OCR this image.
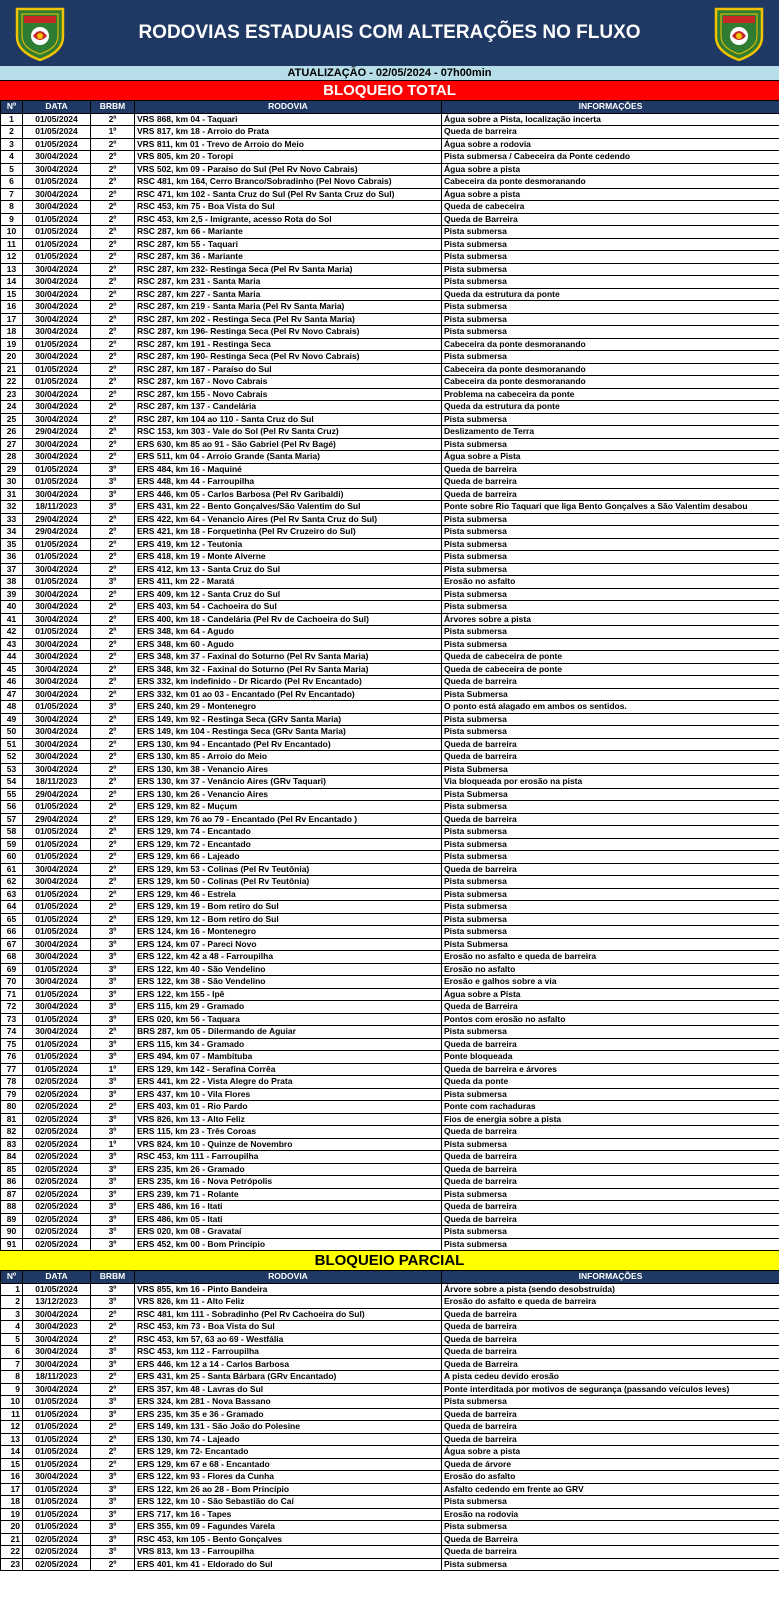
RODOVIAS ESTADUAIS COM ALTERAÇÕES NO FLUXO
ATUALIZAÇÃO - 02/05/2024 - 07h00min
BLOQUEIO TOTAL
Nº	DATA	BRBM	RODOVIA	INFORMAÇÕES
1	01/05/2024	2º	VRS 868, km 04 - Taquari	Água sobre a Pista, localização incerta
2	01/05/2024	1º	VRS 817, km 18 - Arroio do Prata	Queda de barreira
3	01/05/2024	2º	VRS 811, km 01 - Trevo de Arroio do Meio	Água sobre a rodovia
4	30/04/2024	2º	VRS 805, km 20 - Toropi	Pista submersa / Cabeceira da Ponte cedendo
5	30/04/2024	2º	VRS 502, km 09 - Paraíso do Sul (Pel Rv Novo Cabrais)	Água sobre a pista
6	01/05/2024	2º	RSC 481, km 164, Cerro Branco/Sobradinho (Pel Novo Cabrais)	Cabeceira da ponte desmoranando
7	30/04/2024	2º	RSC 471, km 102 - Santa Cruz do Sul (Pel Rv Santa Cruz do Sul)	Água sobre a pista
8	30/04/2024	2º	RSC 453, km 75 - Boa Vista do Sul	Queda de cabeceira
9	01/05/2024	2º	RSC 453, km 2,5 - Imigrante, acesso Rota do Sol	Queda de Barreira
10	01/05/2024	2º	RSC 287, km 66 - Mariante	Pista submersa
11	01/05/2024	2º	RSC 287, km 55 - Taquari	Pista submersa
12	01/05/2024	2º	RSC 287, km 36 - Mariante	Pista submersa
13	30/04/2024	2º	RSC 287, km 232- Restinga Seca (Pel Rv Santa Maria)	Pista submersa
14	30/04/2024	2º	RSC 287, km 231 - Santa Maria	Pista submersa
15	30/04/2024	2º	RSC 287, km 227 - Santa Maria	Queda da estrutura da ponte
16	30/04/2024	2º	RSC 287, km 219 - Santa Maria (Pel Rv Santa Maria)	Pista submersa
17	30/04/2024	2º	RSC 287, km 202 - Restinga Seca (Pel Rv Santa Maria)	Pista submersa
18	30/04/2024	2º	RSC 287, km 196- Restinga Seca (Pel Rv Novo Cabrais)	Pista submersa
19	01/05/2024	2º	RSC 287, km 191 - Restinga Seca	Cabeceira da ponte desmoranando
20	30/04/2024	2º	RSC 287, km 190- Restinga Seca (Pel Rv Novo Cabrais)	Pista submersa
21	01/05/2024	2º	RSC 287, km 187 - Paraíso do Sul	Cabeceira da ponte desmoranando
22	01/05/2024	2º	RSC 287, km 167 - Novo Cabrais	Cabeceira da ponte desmoranando
23	30/04/2024	2º	RSC 287, km 155 - Novo Cabrais	Problema na cabeceira da ponte
24	30/04/2024	2º	RSC 287, km 137 - Candelária	Queda da estrutura da ponte
25	30/04/2024	2º	RSC 287, km 104 ao 110 - Santa Cruz do Sul	Pista submersa
26	29/04/2024	2º	RSC 153, km 303 - Vale do Sol (Pel Rv Santa Cruz)	Deslizamento de Terra
27	30/04/2024	2º	ERS 630, km 85 ao 91 - São Gabriel (Pel Rv Bagé)	Pista submersa
28	30/04/2024	2º	ERS 511, km 04 - Arroio Grande (Santa Maria)	Água sobre a Pista
29	01/05/2024	3º	ERS 484, km 16 - Maquiné	Queda de barreira
30	01/05/2024	3º	ERS 448, km 44 - Farroupilha	Queda de barreira
31	30/04/2024	3º	ERS 446, km 05 - Carlos Barbosa (Pel Rv Garibaldi)	Queda de barreira
32	18/11/2023	3º	ERS 431, km 22 - Bento Gonçalves/São Valentim do Sul	Ponte sobre Rio Taquari que liga Bento Gonçalves a São Valentim desabou
33	29/04/2024	2º	ERS 422, km 64 - Venancio Aires (Pel Rv Santa Cruz do Sul)	Pista submersa
34	29/04/2024	2º	ERS 421, km 18 - Forquetinha (Pel Rv Cruzeiro do Sul)	Pista submersa
35	01/05/2024	2º	ERS 419, km 12 - Teutonia	Pista submersa
36	01/05/2024	2º	ERS 418, km 19 - Monte Alverne	Pista submersa
37	30/04/2024	2º	ERS 412, km 13 - Santa Cruz do Sul	Pista submersa
38	01/05/2024	3º	ERS 411, km 22 - Maratá	Erosão no asfalto
39	30/04/2024	2º	ERS 409, km 12 - Santa Cruz do Sul	Pista submersa
40	30/04/2024	2º	ERS 403, km 54 - Cachoeira do Sul	Pista submersa
41	30/04/2024	2º	ERS 400, km 18 - Candelária (Pel Rv de Cachoeira do Sul)	Árvores sobre a pista
42	01/05/2024	2º	ERS 348, km 64 - Agudo	Pista submersa
43	30/04/2024	2º	ERS 348, km 60 - Agudo	Pista submersa
44	30/04/2024	2º	ERS 348, km 37 - Faxinal do Soturno (Pel Rv Santa Maria)	Queda de cabeceira de ponte
45	30/04/2024	2º	ERS 348, km 32 - Faxinal do Soturno (Pel Rv Santa Maria)	Queda de cabeceira de ponte
46	30/04/2024	2º	ERS 332, km indefinido - Dr Ricardo (Pel Rv Encantado)	Queda de barreira
47	30/04/2024	2º	ERS 332, km 01 ao 03 - Encantado (Pel Rv Encantado)	Pista Submersa
48	01/05/2024	3º	ERS 240, km 29 - Montenegro	O ponto está alagado em ambos os sentidos.
49	30/04/2024	2º	ERS 149, km 92 - Restinga Seca (GRv Santa Maria)	Pista submersa
50	30/04/2024	2º	ERS 149, km 104 - Restinga Seca (GRv Santa Maria)	Pista submersa
51	30/04/2024	2º	ERS 130, km 94 - Encantado (Pel Rv Encantado)	Queda de barreira
52	30/04/2024	2º	ERS 130, km 85 - Arroio do Meio	Queda de barreira
53	30/04/2024	2º	ERS 130, km 38 - Venancio Aires	Pista Submersa
54	18/11/2023	2º	ERS 130, km 37 - Venâncio Aires (GRv Taquari)	Via bloqueada por erosão na pista
55	29/04/2024	2º	ERS 130, km 26 - Venancio Aires	Pista Submersa
56	01/05/2024	2º	ERS 129, km 82 - Muçum	Pista submersa
57	29/04/2024	2º	ERS 129, km 76 ao 79 - Encantado (Pel Rv Encantado )	Queda de barreira
58	01/05/2024	2º	ERS 129, km 74 - Encantado	Pista submersa
59	01/05/2024	2º	ERS 129, km 72 - Encantado	Pista submersa
60	01/05/2024	2º	ERS 129, km 66 - Lajeado	Pista submersa
61	30/04/2024	2º	ERS 129, km 53 - Colinas (Pel Rv Teutônia)	Queda de barreira
62	30/04/2024	2º	ERS 129, km 50 - Colinas (Pel Rv Teutônia)	Pista submersa
63	01/05/2024	2º	ERS 129, km 46 - Estrela	Pista submersa
64	01/05/2024	2º	ERS 129, km 19 - Bom retiro do Sul	Pista submersa
65	01/05/2024	2º	ERS 129, km 12 - Bom retiro do Sul	Pista submersa
66	01/05/2024	3º	ERS 124, km 16 - Montenegro	Pista submersa
67	30/04/2024	3º	ERS 124, km 07 - Pareci Novo	Pista Submersa
68	30/04/2024	3º	ERS 122, km 42 a 48 - Farroupilha	Erosão no asfalto e queda de barreira
69	01/05/2024	3º	ERS 122, km 40 - São Vendelino	Erosão no asfalto
70	30/04/2024	3º	ERS 122, km 38 - São Vendelino	Erosão e galhos sobre a via
71	01/05/2024	3º	ERS 122, km 155 - Ipê	Água sobre a Pista
72	30/04/2024	3º	ERS 115, km 29 - Gramado	Queda de Barreira
73	01/05/2024	3º	ERS 020, km 56 - Taquara	Pontos com erosão no asfalto
74	30/04/2024	2º	BRS 287, km 05 - Dilermando de Aguiar	Pista submersa
75	01/05/2024	3º	ERS 115, km 34 - Gramado	Queda de barreira
76	01/05/2024	3º	ERS 494, km 07 - Mambituba	Ponte bloqueada
77	01/05/2024	1º	ERS 129, km 142 - Serafina Corrêa	Queda de barreira e árvores
78	02/05/2024	3º	ERS 441, km 22 - Vista Alegre do Prata	Queda da ponte
79	02/05/2024	3º	ERS 437, km 10 - Vila Flores	Pista submersa
80	02/05/2024	2º	ERS 403, km 01 - Rio Pardo	Ponte com rachaduras
81	02/05/2024	3º	VRS 826, km 13 - Alto Feliz	Fios de energia sobre a pista
82	02/05/2024	3º	ERS 115, km 23 - Três Coroas	Queda de barreira
83	02/05/2024	1º	VRS 824, km 10 - Quinze de Novembro	Pista submersa
84	02/05/2024	3º	RSC 453, km 111 - Farroupilha	Queda de barreira
85	02/05/2024	3º	ERS 235, km 26 - Gramado	Queda de barreira
86	02/05/2024	3º	ERS 235, km 16 - Nova Petrópolis	Queda de barreira
87	02/05/2024	3º	ERS 239, km 71 - Rolante	Pista submersa
88	02/05/2024	3º	ERS 486, km 16 - Itati	Queda de barreira
89	02/05/2024	3º	ERS 486, km 05 - Itati	Queda de barreira
90	02/05/2024	3º	ERS 020, km 08 - Gravataí	Pista submersa
91	02/05/2024	3º	ERS 452, km 00 - Bom Princípio	Pista submersa
BLOQUEIO PARCIAL
Nº	DATA	BRBM	RODOVIA	INFORMAÇÕES
1	01/05/2024	3º	VRS 855, km 16 - Pinto Bandeira	Árvore sobre a pista (sendo desobstruída)
2	13/12/2023	3º	VRS 826, km 11 - Alto Feliz	Erosão do asfalto e queda de barreira
3	30/04/2024	2º	RSC 481, km 111 - Sobradinho (Pel Rv Cachoeira do Sul)	Queda de barreira
4	30/04/2023	2º	RSC 453, km 73 - Boa Vista do Sul	Queda de barreira
5	30/04/2024	2º	RSC 453, km 57, 63 ao 69 - Westfália	Queda de barreira
6	30/04/2024	3º	RSC 453, km 112 - Farroupilha	Queda de barreira
7	30/04/2024	3º	ERS 446, km 12 a 14 - Carlos Barbosa	Queda de Barreira
8	18/11/2023	2º	ERS 431, km 25 - Santa Bárbara (GRv Encantado)	A pista cedeu devido erosão
9	30/04/2024	2º	ERS 357, km 48 - Lavras do Sul	Ponte interditada por motivos de segurança (passando veículos leves)
10	01/05/2024	3º	ERS 324, km 281 - Nova Bassano	Pista submersa
11	01/05/2024	3º	ERS 235, km 35 e 36 - Gramado	Queda de barreira
12	01/05/2024	2º	ERS 149, km 131 - São João do Polesine	Queda de barreira
13	01/05/2024	2º	ERS 130, km 74 - Lajeado	Queda de barreira
14	01/05/2024	2º	ERS 129, km 72- Encantado	Água sobre a pista
15	01/05/2024	2º	ERS 129, km 67 e 68 - Encantado	Queda de árvore
16	30/04/2024	3º	ERS 122, km 93 - Flores da Cunha	Erosão do asfalto
17	01/05/2024	3º	ERS 122, km 26 ao 28 - Bom Princípio	Asfalto cedendo em frente ao GRV
18	01/05/2024	3º	ERS 122, km 10 - São Sebastião do Caí	Pista submersa
19	01/05/2024	3º	ERS 717, km 16 - Tapes	Erosão na rodovia
20	01/05/2024	3º	ERS 355, km 09 - Fagundes Varela	Pista submersa
21	02/05/2024	3º	RSC 453, km 105 - Bento Gonçalves	Queda de Barreira
22	02/05/2024	3º	VRS 813, km 13 - Farroupilha	Queda de barreira
23	02/05/2024	2º	ERS 401, km 41 - Eldorado do Sul	Pista submersa
